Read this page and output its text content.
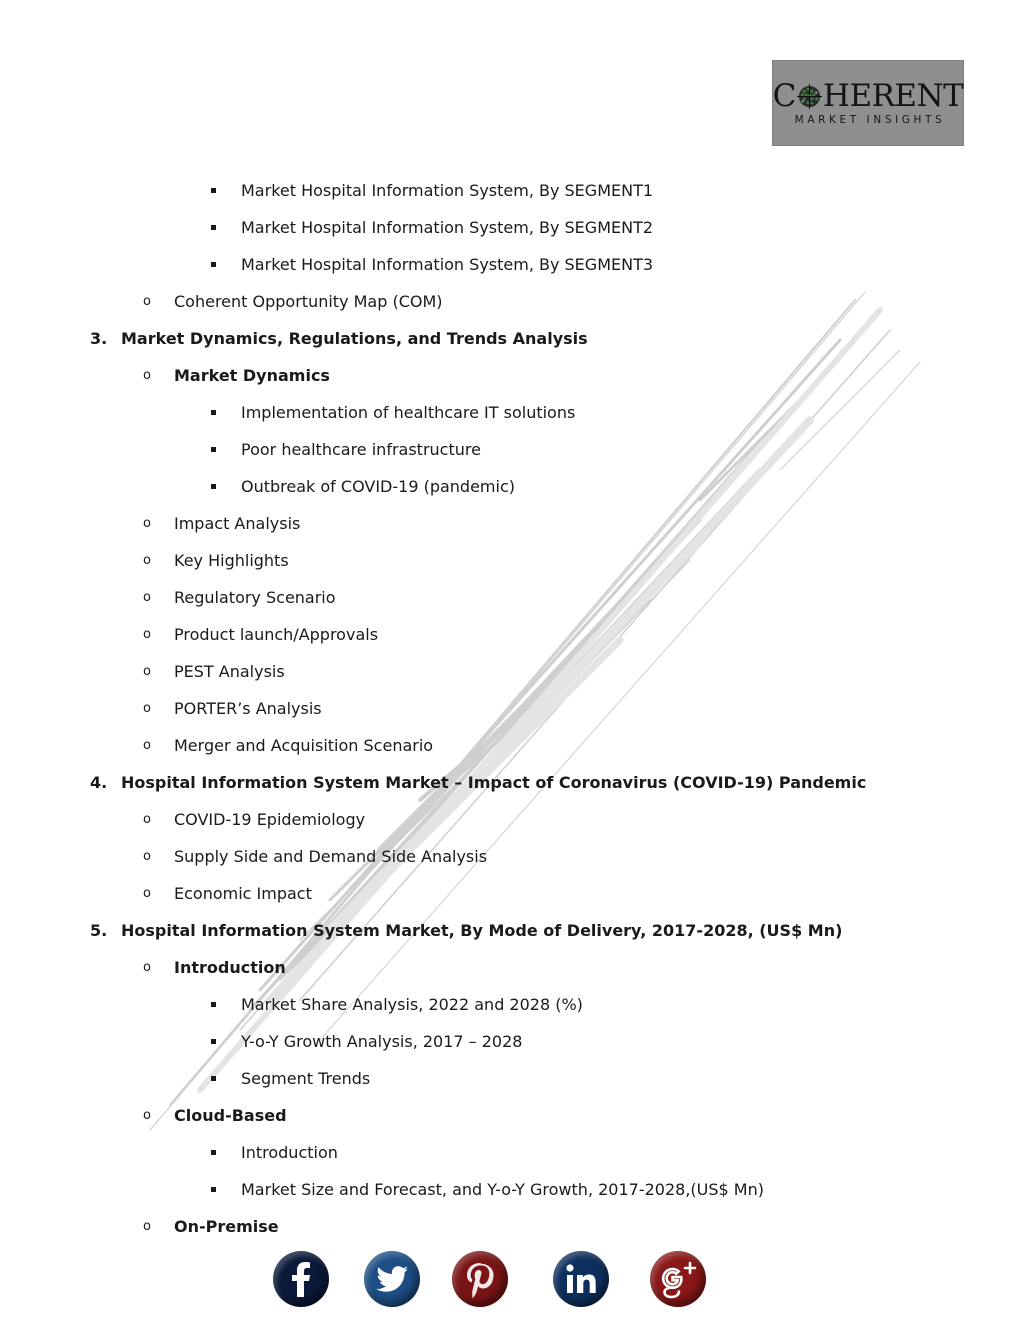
C HERENT
MARKET INSIGHTS
Market Hospital Information System, By SEGMENT1
Market Hospital Information System, By SEGMENT2
Market Hospital Information System, By SEGMENT3
o Coherent Opportunity Map (COM)
3. Market Dynamics, Regulations, and Trends Analysis
o Market Dynamics
Implementation of healthcare IT solutions
Poor healthcare infrastructure
Outbreak of COVID-19 (pandemic)
o Impact Analysis
o Key Highlights
o Regulatory Scenario
o Product launch/Approvals
o PEST Analysis
o PORTER’s Analysis
o Merger and Acquisition Scenario
4. Hospital Information System Market – Impact of Coronavirus (COVID-19) Pandemic
o COVID-19 Epidemiology
o Supply Side and Demand Side Analysis
o Economic Impact
5. Hospital Information System Market, By Mode of Delivery, 2017-2028, (US$ Mn)
o Introduction
Market Share Analysis, 2022 and 2028 (%)
Y-o-Y Growth Analysis, 2017 – 2028
Segment Trends
o Cloud-Based
Introduction
Market Size and Forecast, and Y-o-Y Growth, 2017-2028,(US$ Mn)
o On-Premise
